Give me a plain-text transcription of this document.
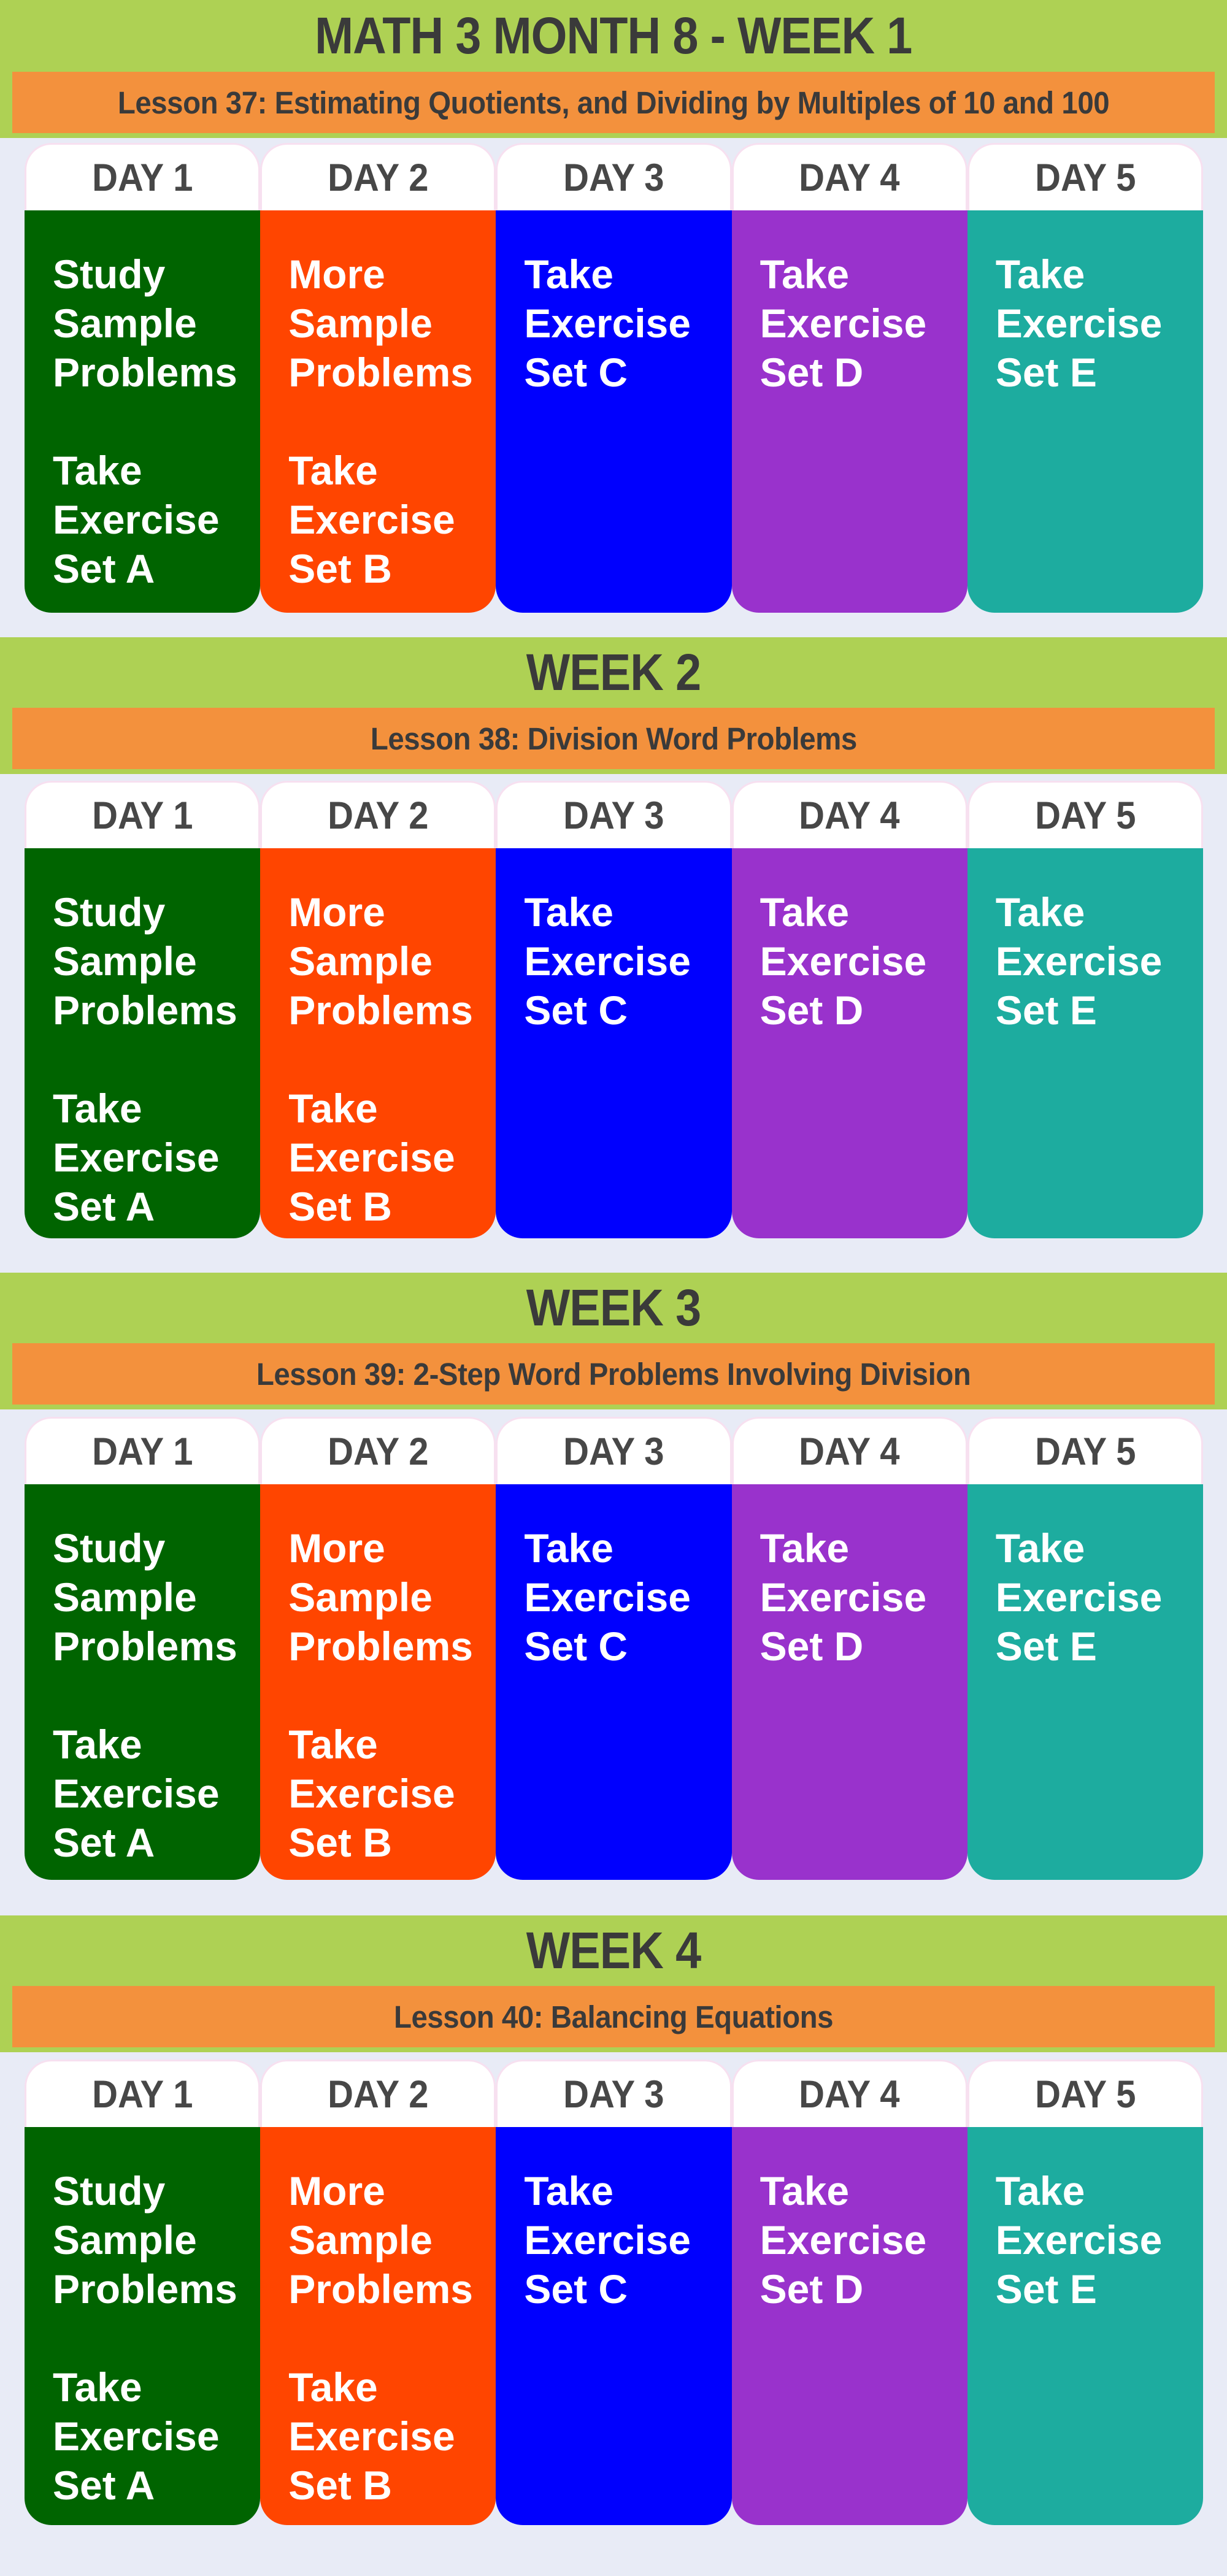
MATH 3 MONTH 8 - WEEK 1
Lesson 37: Estimating Quotients, and Dividing by Multiples of 10 and 100
DAY 1

Study Sample Problems

Take Exercise Set A

DAY 2

More Sample Problems

Take Exercise Set B

DAY 3

Take Exercise Set C

DAY 4

Take Exercise Set D

DAY 5

Take Exercise Set E

WEEK 2
Lesson 38: Division Word Problems
DAY 1

Study Sample Problems

Take Exercise Set A

DAY 2

More Sample Problems

Take Exercise Set B

DAY 3

Take Exercise Set C

DAY 4

Take Exercise Set D

DAY 5

Take Exercise Set E

WEEK 3
Lesson 39: 2-Step Word Problems Involving Division
DAY 1

Study Sample Problems

Take Exercise Set A

DAY 2

More Sample Problems

Take Exercise Set B

DAY 3

Take Exercise Set C

DAY 4

Take Exercise Set D

DAY 5

Take Exercise Set E

WEEK 4
Lesson 40: Balancing Equations
DAY 1

Study Sample Problems

Take Exercise Set A

DAY 2

More Sample Problems

Take Exercise Set B

DAY 3

Take Exercise Set C

DAY 4

Take Exercise Set D

DAY 5

Take Exercise Set E
